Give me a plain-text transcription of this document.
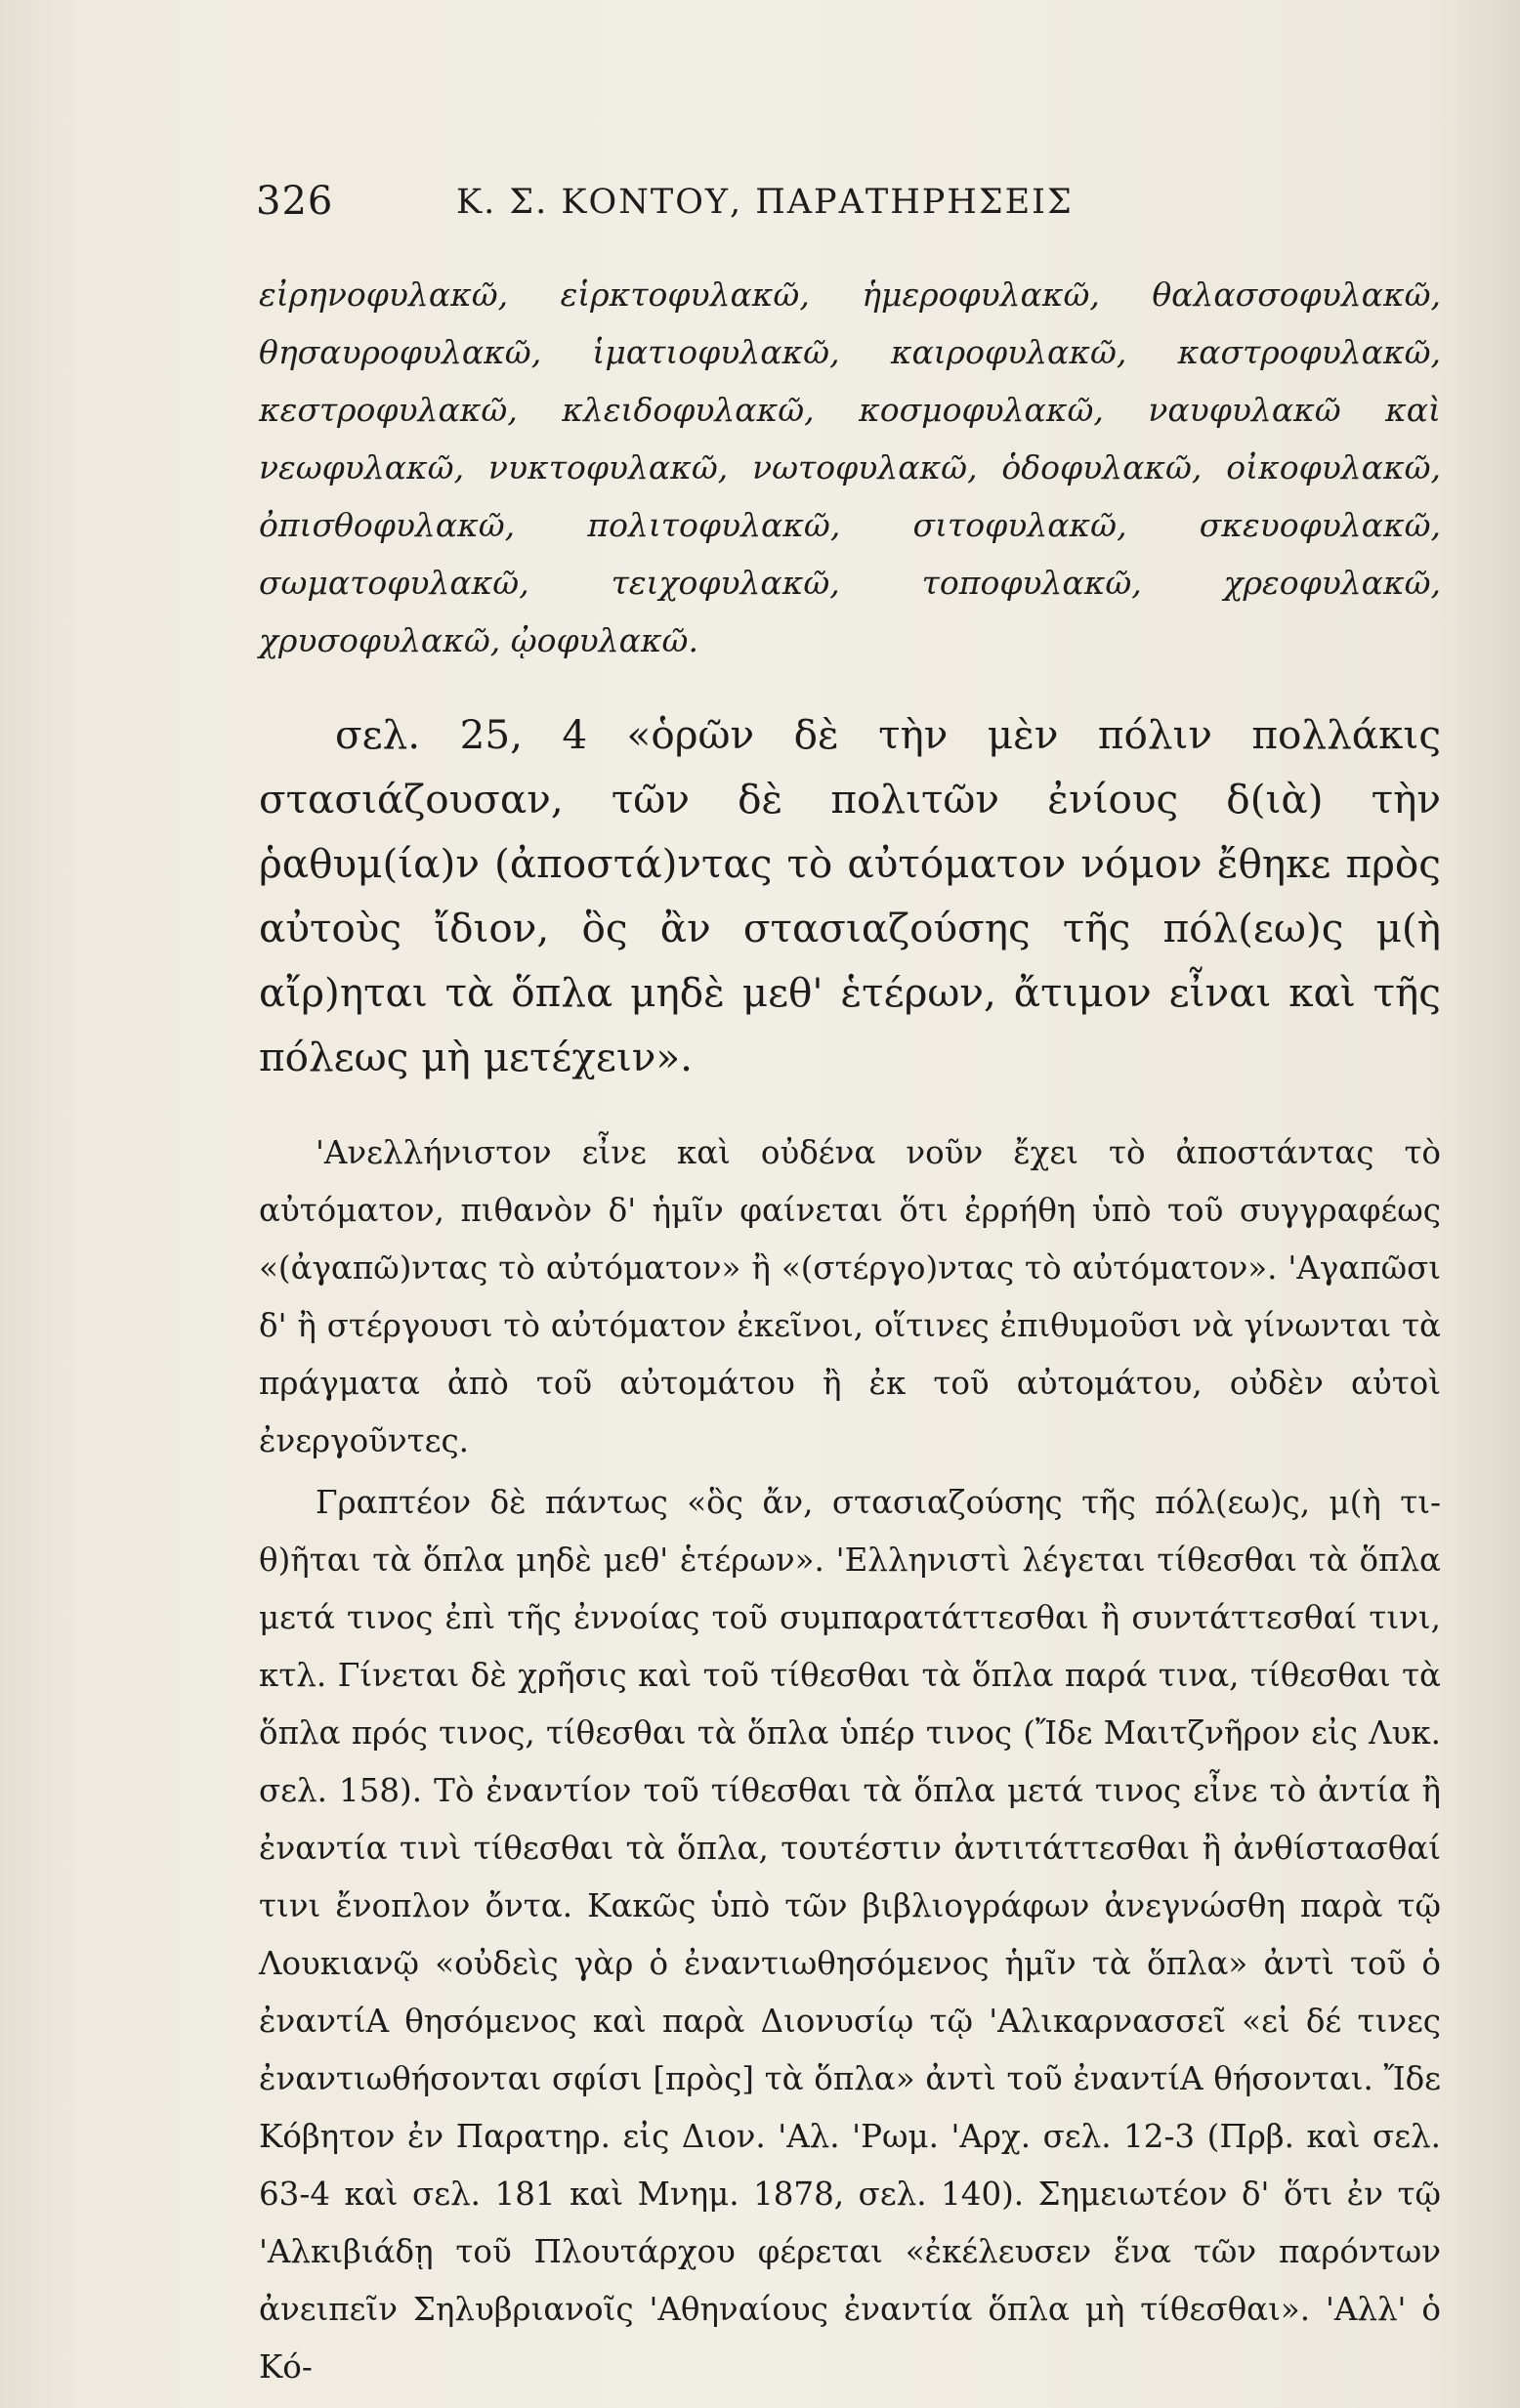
326	Κ. Σ. ΚΟΝΤΟΥ, ΠΑΡΑΤΗΡΗΣΕΙΣ

εἰρηνοφυλακῶ, εἱρκτοφυλακῶ, ἡμεροφυλακῶ, θαλασσοφυλακῶ, θησαυροφυλακῶ, ἱματιοφυλακῶ, καιροφυλακῶ, καστροφυλακῶ, κεστροφυλακῶ, κλειδοφυλακῶ, κοσμοφυλακῶ, ναυφυλακῶ καὶ νεωφυλακῶ, νυκτοφυλακῶ, νωτοφυλακῶ, ὁδοφυλακῶ, οἰκοφυλακῶ, ὀπισθοφυλακῶ, πολιτοφυλακῶ, σιτοφυλακῶ, σκευοφυλακῶ, σωματοφυλακῶ, τειχοφυλακῶ, τοποφυλακῶ, χρεοφυλακῶ, χρυσοφυλακῶ, ᾠοφυλακῶ.

σελ. 25, 4 «ὁρῶν δὲ τὴν μὲν πόλιν πολλάκις στασιάζουσαν, τῶν δὲ πολιτῶν ἐνίους δ(ιὰ) τὴν ῥαθυμ(ία)ν (ἀποστά)ντας τὸ αὐτόματον νόμον ἔθηκε πρὸς αὐτοὺς ἴδιον, ὃς ἂν στασιαζούσης τῆς πόλ(εω)ς μ(ὴ αἴρ)ηται τὰ ὅπλα μηδὲ μεθ' ἑτέρων, ἄτιμον εἶναι καὶ τῆς πόλεως μὴ μετέχειν».

'Ανελλήνιστον εἶνε καὶ οὐδένα νοῦν ἔχει τὸ ἀποστάντας τὸ αὐτόματον, πιθανὸν δ' ἡμῖν φαίνεται ὅτι ἐρρήθη ὑπὸ τοῦ συγγραφέως «(ἀγαπῶ)ντας τὸ αὐτόματον» ἢ «(στέργο)ντας τὸ αὐτόματον». 'Αγαπῶσι δ' ἢ στέργουσι τὸ αὐτόματον ἐκεῖνοι, οἵτινες ἐπιθυμοῦσι νὰ γίνωνται τὰ πράγματα ἀπὸ τοῦ αὐτομάτου ἢ ἐκ τοῦ αὐτομάτου, οὐδὲν αὐτοὶ ἐνεργοῦντες.

Γραπτέον δὲ πάντως «ὃς ἄν, στασιαζούσης τῆς πόλ(εω)ς, μ(ὴ τι-θ)ῆται τὰ ὅπλα μηδὲ μεθ' ἑτέρων». 'Ελληνιστὶ λέγεται τίθεσθαι τὰ ὅπλα μετά τινος ἐπὶ τῆς ἐννοίας τοῦ συμπαρατάττεσθαι ἢ συντάττεσθαί τινι, κτλ. Γίνεται δὲ χρῆσις καὶ τοῦ τίθεσθαι τὰ ὅπλα παρά τινα, τίθεσθαι τὰ ὅπλα πρός τινος, τίθεσθαι τὰ ὅπλα ὑπέρ τινος (Ἴδε Μαιτζνῆρον εἰς Λυκ. σελ. 158). Τὸ ἐναντίον τοῦ τίθεσθαι τὰ ὅπλα μετά τινος εἶνε τὸ ἀντία ἢ ἐναντία τινὶ τίθεσθαι τὰ ὅπλα, τουτέστιν ἀντιτάττεσθαι ἢ ἀνθίστασθαί τινι ἔνοπλον ὄντα. Κακῶς ὑπὸ τῶν βιβλιογράφων ἀνεγνώσθη παρὰ τῷ Λουκιανῷ «οὐδεὶς γὰρ ὁ ἐναντιωθησόμενος ἡμῖν τὰ ὅπλα» ἀντὶ τοῦ ὁ ἐναντίΑ θησόμενος καὶ παρὰ Διονυσίῳ τῷ 'Αλικαρνασσεῖ «εἰ δέ τινες ἐναντιωθήσονται σφίσι [πρὸς] τὰ ὅπλα» ἀντὶ τοῦ ἐναντίΑ θήσονται. Ἴδε Κόβητον ἐν Παρατηρ. εἰς Διον. 'Αλ. 'Ρωμ. 'Αρχ. σελ. 12-3 (Πρβ. καὶ σελ. 63-4 καὶ σελ. 181 καὶ Μνημ. 1878, σελ. 140). Σημειωτέον δ' ὅτι ἐν τῷ 'Αλκιβιάδῃ τοῦ Πλουτάρχου φέρεται «ἐκέλευσεν ἕνα τῶν παρόντων ἀνειπεῖν Σηλυβριανοῖς 'Αθηναίους ἐναντία ὅπλα μὴ τίθεσθαι». 'Αλλ' ὁ Κό-
